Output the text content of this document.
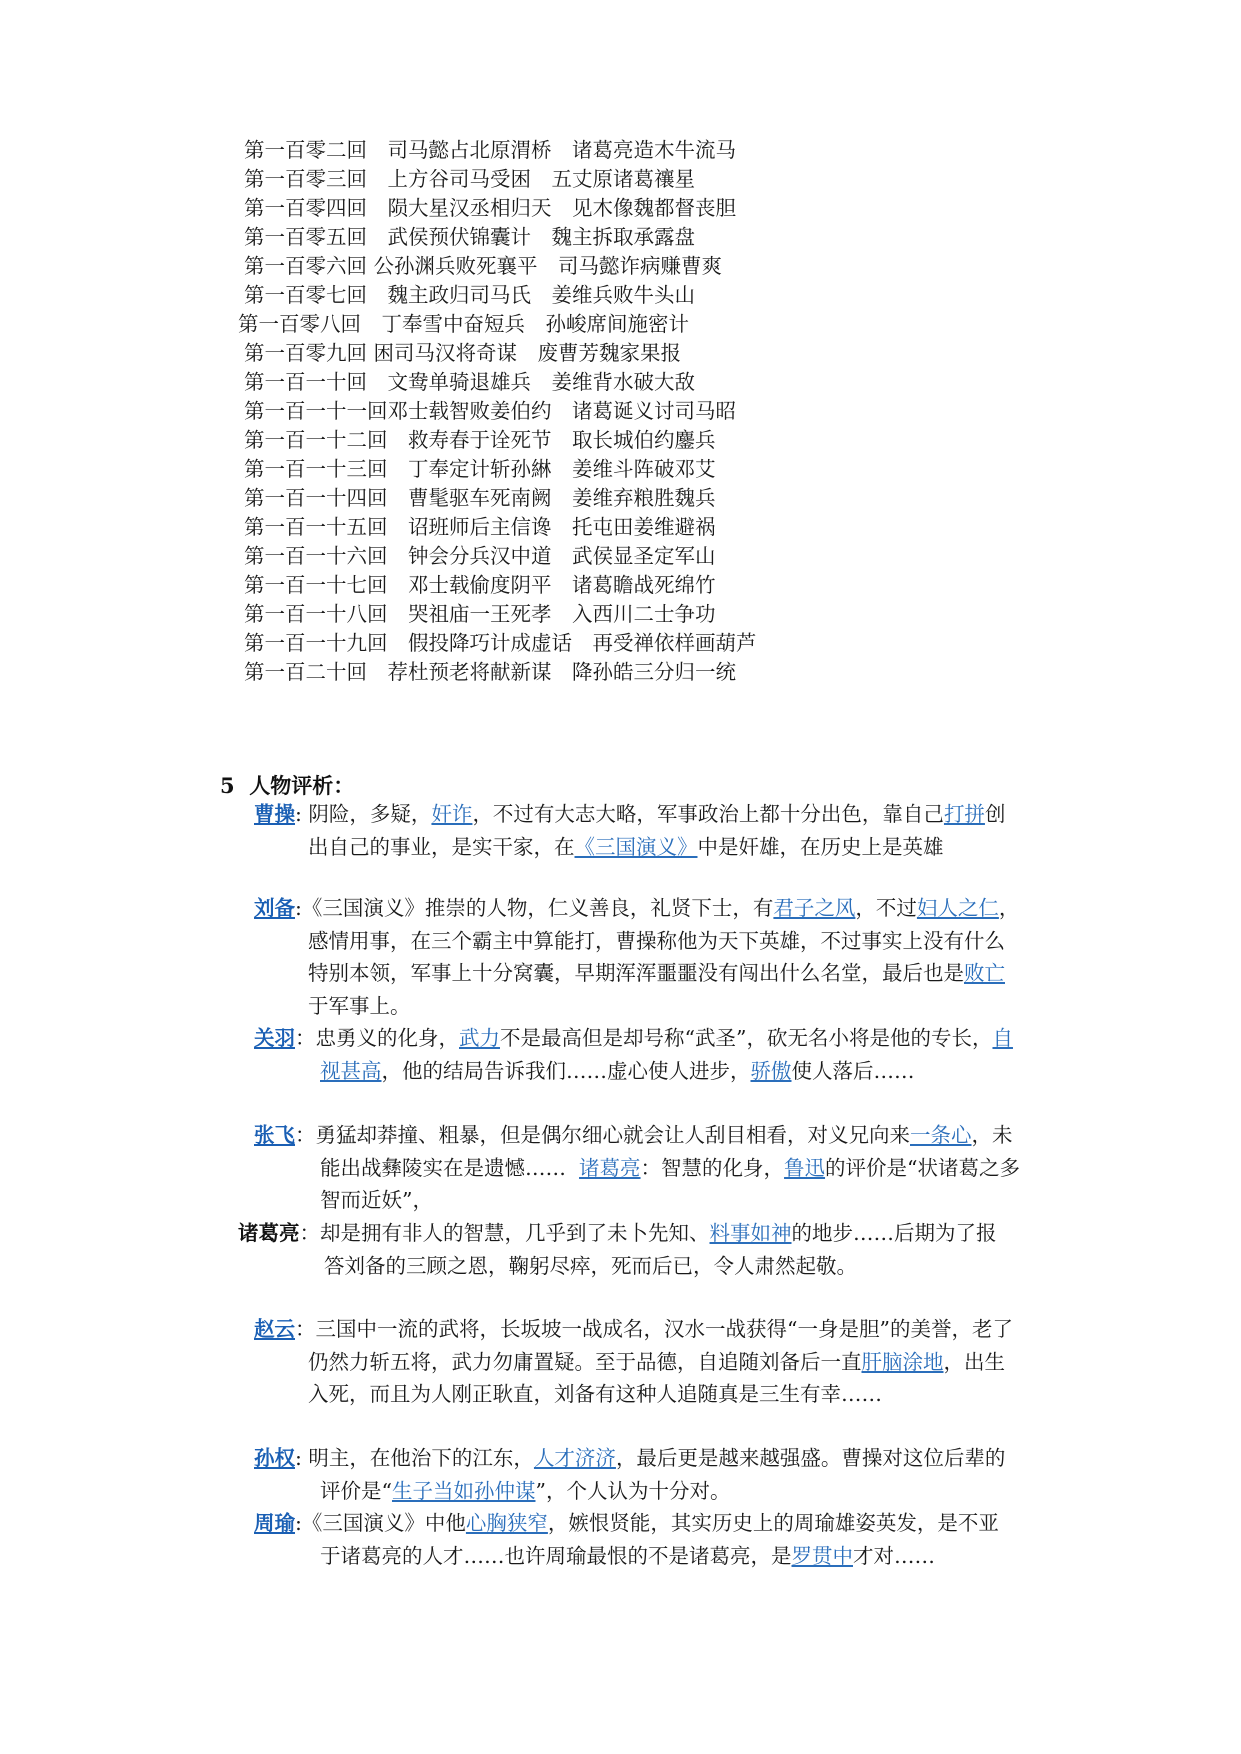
第一百零二回　司马懿占北原渭桥　诸葛亮造木牛流马
第一百零三回　上方谷司马受困　五丈原诸葛禳星
第一百零四回　陨大星汉丞相归天　见木像魏都督丧胆
第一百零五回　武侯预伏锦囊计　魏主拆取承露盘
第一百零六回 公孙渊兵败死襄平　司马懿诈病赚曹爽
第一百零七回　魏主政归司马氏　姜维兵败牛头山
第一百零八回　丁奉雪中奋短兵　孙峻席间施密计
第一百零九回 困司马汉将奇谋　废曹芳魏家果报
第一百一十回　文鸯单骑退雄兵　姜维背水破大敌
第一百一十一回邓士载智败姜伯约　诸葛诞义讨司马昭
第一百一十二回　救寿春于诠死节　取长城伯约鏖兵
第一百一十三回　丁奉定计斩孙綝　姜维斗阵破邓艾
第一百一十四回　曹髦驱车死南阙　姜维弃粮胜魏兵
第一百一十五回　诏班师后主信谗　托屯田姜维避祸
第一百一十六回　钟会分兵汉中道　武侯显圣定军山
第一百一十七回　邓士载偷度阴平　诸葛瞻战死绵竹
第一百一十八回　哭祖庙一王死孝　入西川二士争功
第一百一十九回　假投降巧计成虚话　再受禅依样画葫芦
第一百二十回　荐杜预老将献新谋　降孙皓三分归一统
5  人物评析：
曹操: 阴险，多疑，奸诈，不过有大志大略，军事政治上都十分出色，靠自己打拼创
出自己的事业，是实干家，在《三国演义》中是奸雄，在历史上是英雄
刘备:《三国演义》推崇的人物，仁义善良，礼贤下士，有君子之风，不过妇人之仁，
感情用事，在三个霸主中算能打，曹操称他为天下英雄，不过事实上没有什么
特别本领，军事上十分窝囊，早期浑浑噩噩没有闯出什么名堂，最后也是败亡
于军事上。
关羽：忠勇义的化身，武力不是最高但是却号称“武圣”，砍无名小将是他的专长，自
视甚高，他的结局告诉我们……虚心使人进步，骄傲使人落后……
张飞：勇猛却莽撞、粗暴，但是偶尔细心就会让人刮目相看，对义兄向来一条心，未
能出战彝陵实在是遗憾……  诸葛亮：智慧的化身，鲁迅的评价是“状诸葛之多
智而近妖”，
诸葛亮：却是拥有非人的智慧，几乎到了未卜先知、料事如神的地步……后期为了报
答刘备的三顾之恩，鞠躬尽瘁，死而后已，令人肃然起敬。
赵云：三国中一流的武将，长坂坡一战成名，汉水一战获得“一身是胆”的美誉，老了
仍然力斩五将，武力勿庸置疑。至于品德，自追随刘备后一直肝脑涂地，出生
入死，而且为人刚正耿直，刘备有这种人追随真是三生有幸……
孙权: 明主，在他治下的江东，人才济济，最后更是越来越强盛。曹操对这位后辈的
评价是“生子当如孙仲谋”，个人认为十分对。
周瑜:《三国演义》中他心胸狭窄，嫉恨贤能，其实历史上的周瑜雄姿英发，是不亚
于诸葛亮的人才……也许周瑜最恨的不是诸葛亮，是罗贯中才对……
